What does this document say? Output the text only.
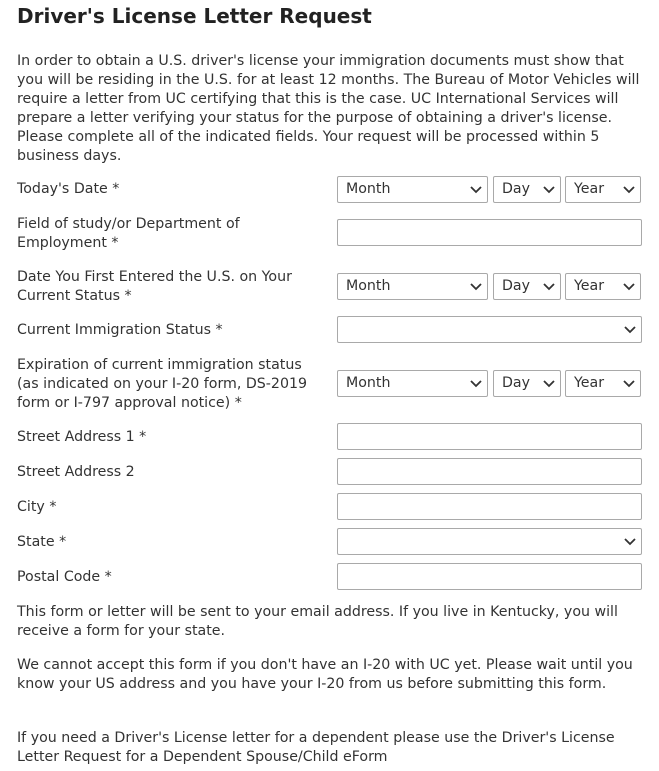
Driver's License Letter Request

In order to obtain a U.S. driver's license your immigration documents must show that you will be residing in the U.S. for at least 12 months. The Bureau of Motor Vehicles will require a letter from UC certifying that this is the case. UC International Services will prepare a letter verifying your status for the purpose of obtaining a driver's license. Please complete all of the indicated fields. Your request will be processed within 5 business days.

Today's Date *	Month	Day	Year
Field of study/or Department of Employment *
Date You First Entered the U.S. on Your Current Status *
Month	Day	Year
Current Immigration Status *
Expiration of current immigration status (as indicated on your I-20 form, DS-2019 form or I-797 approval notice) *
Month	Day	Year
Street Address 1 *
Street Address 2
City *
State *
Postal Code *

This form or letter will be sent to your email address. If you live in Kentucky, you will receive a form for your state.

We cannot accept this form if you don't have an I-20 with UC yet. Please wait until you know your US address and you have your I-20 from us before submitting this form.

If you need a Driver's License letter for a dependent please use the Driver's License Letter Request for a Dependent Spouse/Child eForm
